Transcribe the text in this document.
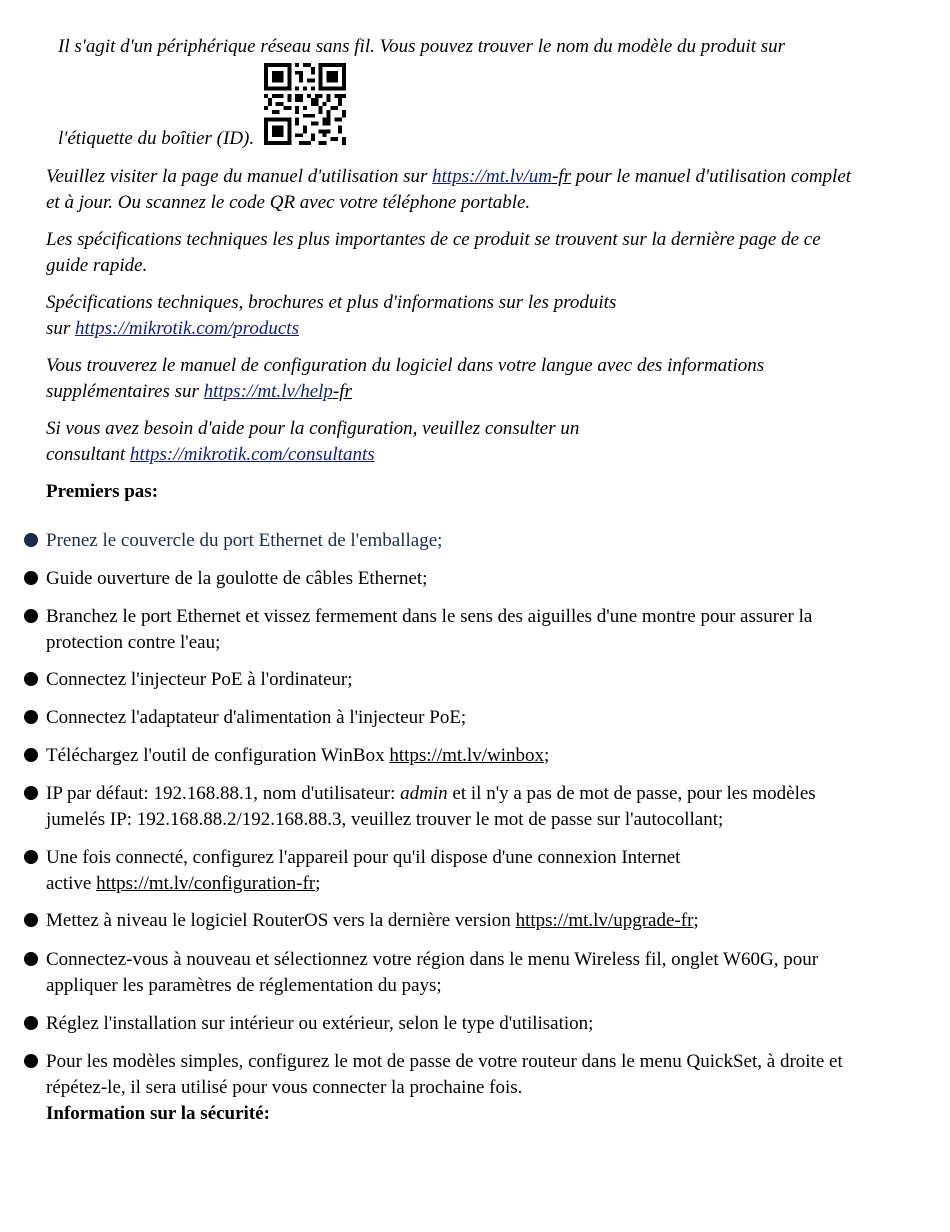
Il s'agit d'un périphérique réseau sans fil. Vous pouvez trouver le nom du modèle du produit sur
l'étiquette du boîtier (ID).

Veuillez visiter la page du manuel d'utilisation sur https://mt.lv/um-fr pour le manuel d'utilisation complet et à jour. Ou scannez le code QR avec votre téléphone portable.

Les spécifications techniques les plus importantes de ce produit se trouvent sur la dernière page de ce guide rapide.

Spécifications techniques, brochures et plus d'informations sur les produits
sur https://mikrotik.com/products

Vous trouverez le manuel de configuration du logiciel dans votre langue avec des informations
supplémentaires sur https://mt.lv/help-fr

Si vous avez besoin d'aide pour la configuration, veuillez consulter un
consultant https://mikrotik.com/consultants

Premiers pas:
Prenez le couvercle du port Ethernet de l'emballage;
Guide ouverture de la goulotte de câbles Ethernet;
Branchez le port Ethernet et vissez fermement dans le sens des aiguilles d'une montre pour assurer la protection contre l'eau;
Connectez l'injecteur PoE à l'ordinateur;
Connectez l'adaptateur d'alimentation à l'injecteur PoE;
Téléchargez l'outil de configuration WinBox https://mt.lv/winbox;
IP par défaut: 192.168.88.1, nom d'utilisateur: admin et il n'y a pas de mot de passe, pour les modèles jumelés IP: 192.168.88.2/192.168.88.3, veuillez trouver le mot de passe sur l'autocollant;
Une fois connecté, configurez l'appareil pour qu'il dispose d'une connexion Internet
active https://mt.lv/configuration-fr;
Mettez à niveau le logiciel RouterOS vers la dernière version https://mt.lv/upgrade-fr;
Connectez-vous à nouveau et sélectionnez votre région dans le menu Wireless fil, onglet W60G, pour appliquer les paramètres de réglementation du pays;
Réglez l'installation sur intérieur ou extérieur, selon le type d'utilisation;
Pour les modèles simples, configurez le mot de passe de votre routeur dans le menu QuickSet, à droite et répétez-le, il sera utilisé pour vous connecter la prochaine fois.
Information sur la sécurité:
